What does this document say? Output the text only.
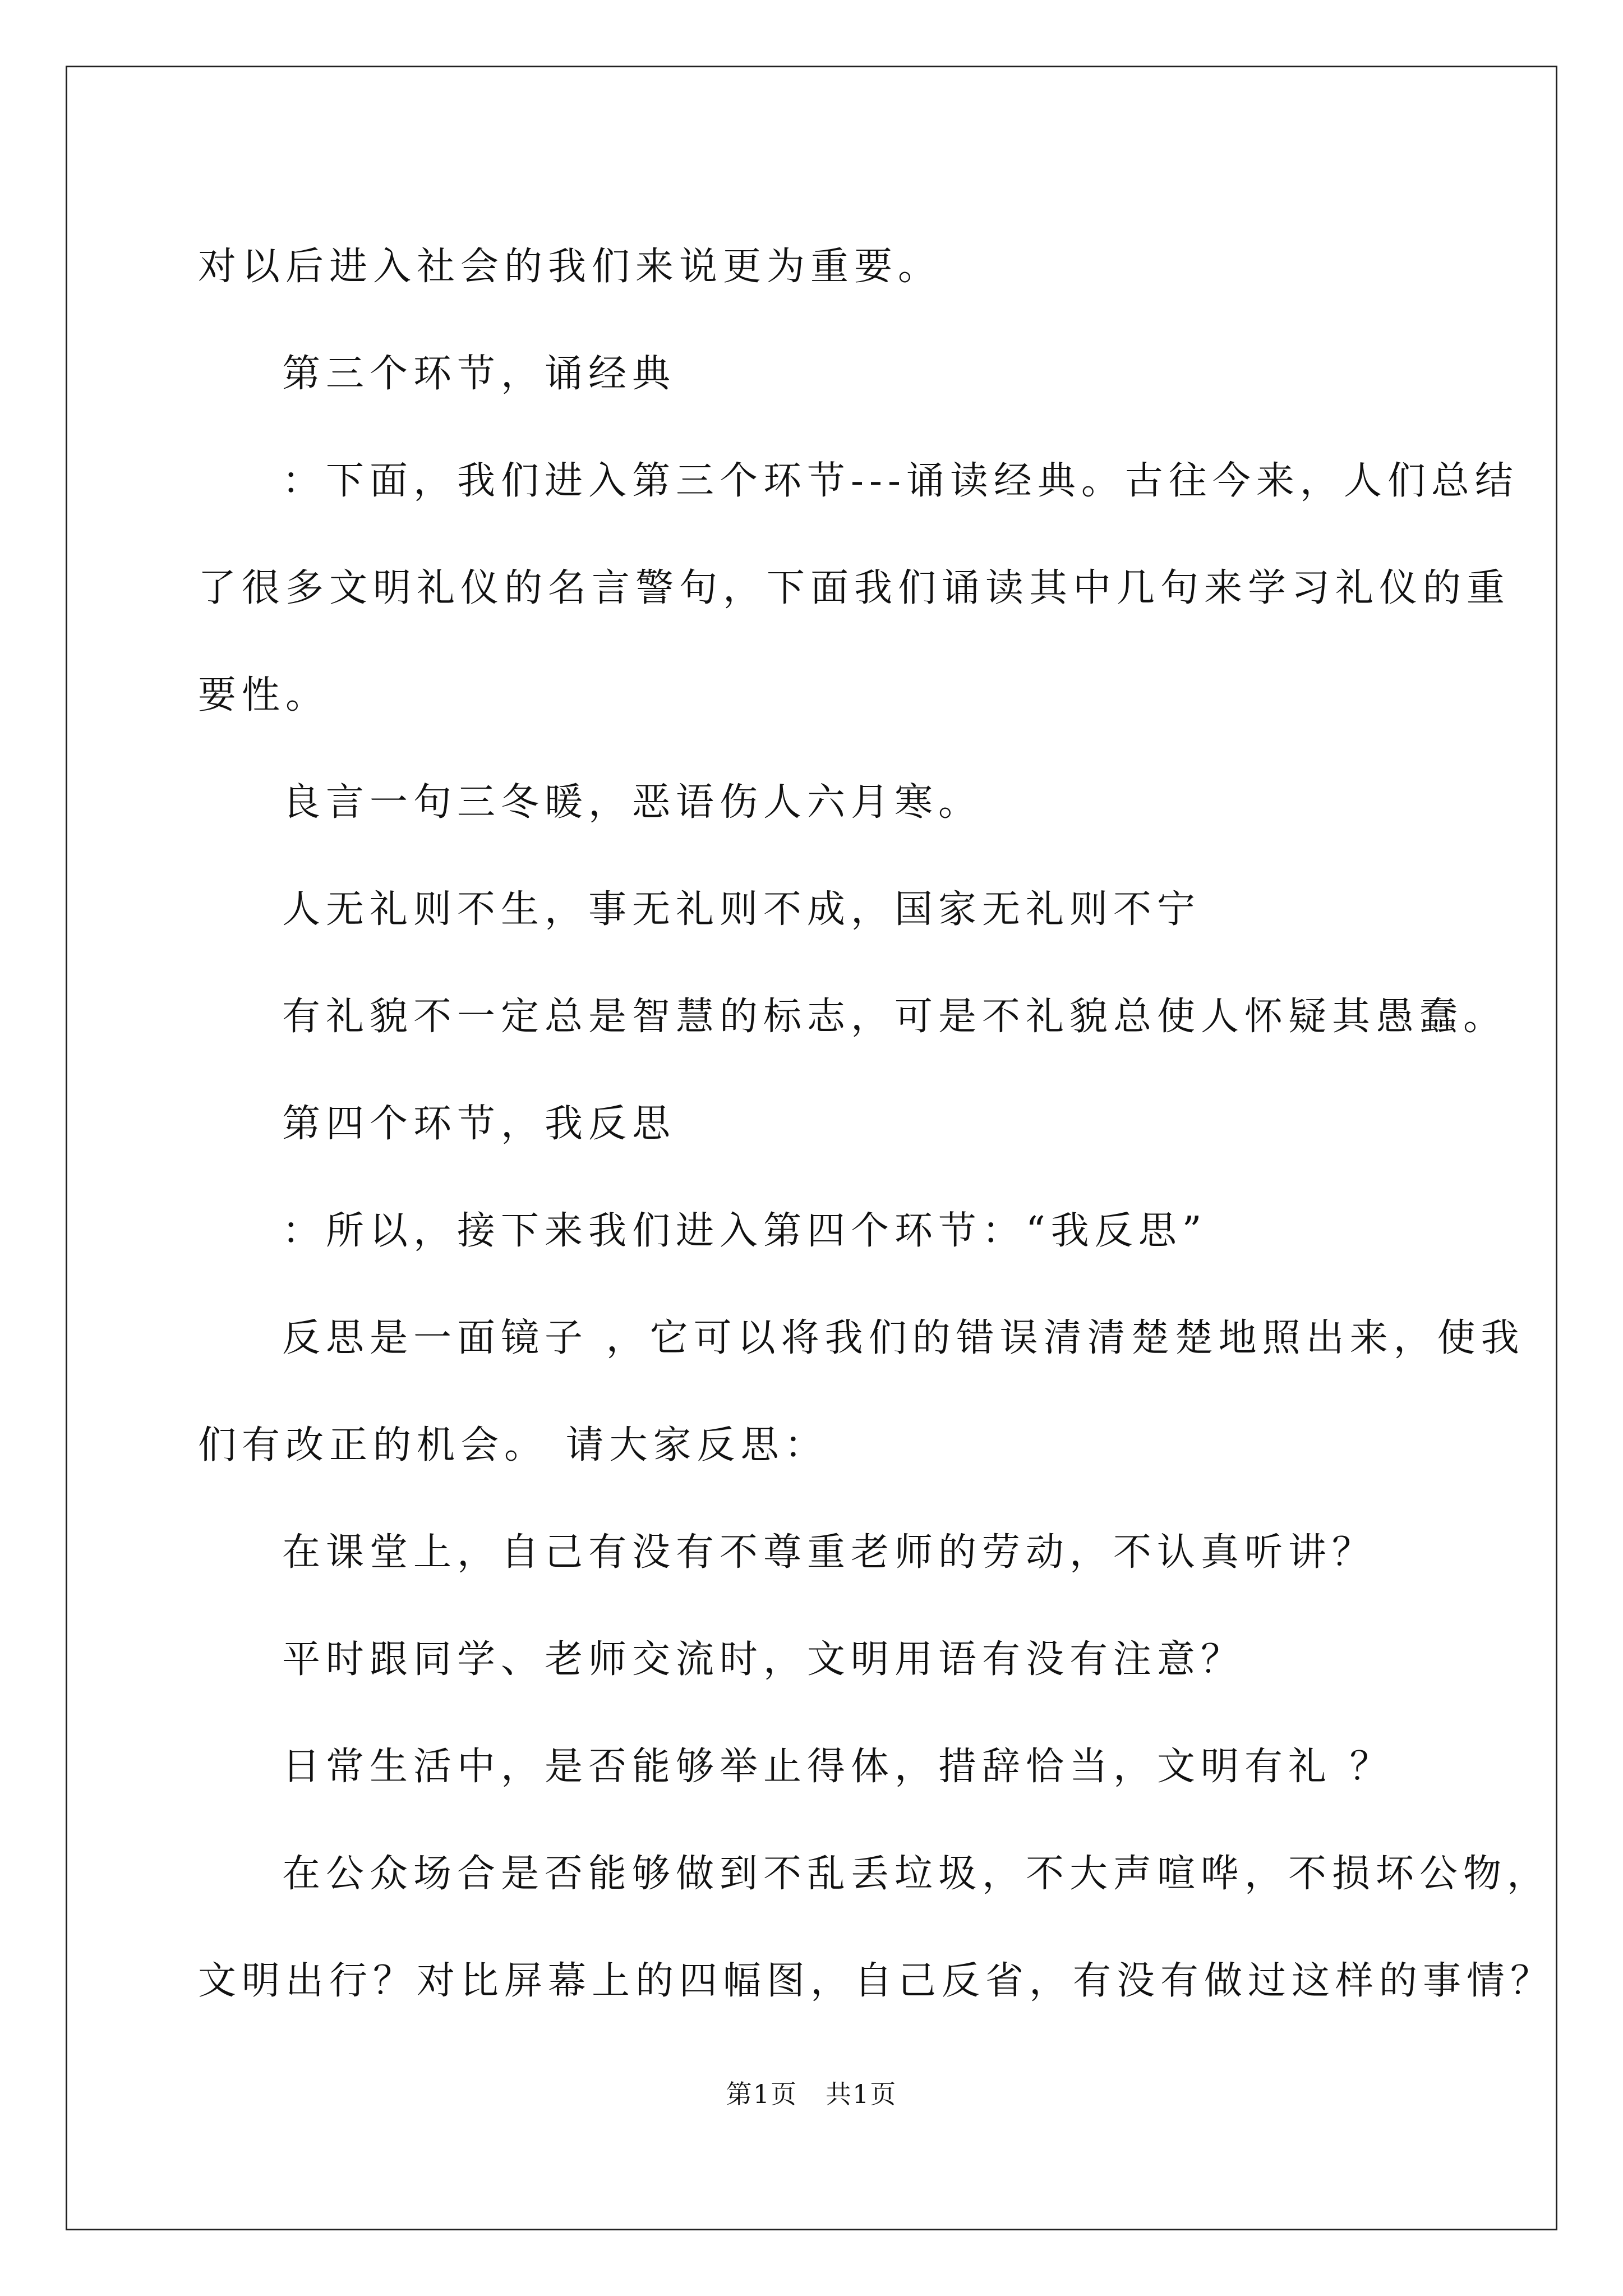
对以后进入社会的我们来说更为重要。

第三个环节，诵经典

：下面，我们进入第三个环节---诵读经典。古往今来，人们总结

了很多文明礼仪的名言警句，下面我们诵读其中几句来学习礼仪的重

要性。

良言一句三冬暖，恶语伤人六月寒。

人无礼则不生，事无礼则不成，国家无礼则不宁

有礼貌不一定总是智慧的标志，可是不礼貌总使人怀疑其愚蠢。

第四个环节，我反思

：所以，接下来我们进入第四个环节：“我反思”

反思是一面镜子 ，它可以将我们的错误清清楚楚地照出来，使我

们有改正的机会。 请大家反思：

在课堂上，自己有没有不尊重老师的劳动，不认真听讲？

平时跟同学、老师交流时，文明用语有没有注意？

日常生活中，是否能够举止得体，措辞恰当，文明有礼 ？

在公众场合是否能够做到不乱丢垃圾，不大声喧哗，不损坏公物，

文明出行？对比屏幕上的四幅图，自己反省，有没有做过这样的事情？

第1页 共1页
